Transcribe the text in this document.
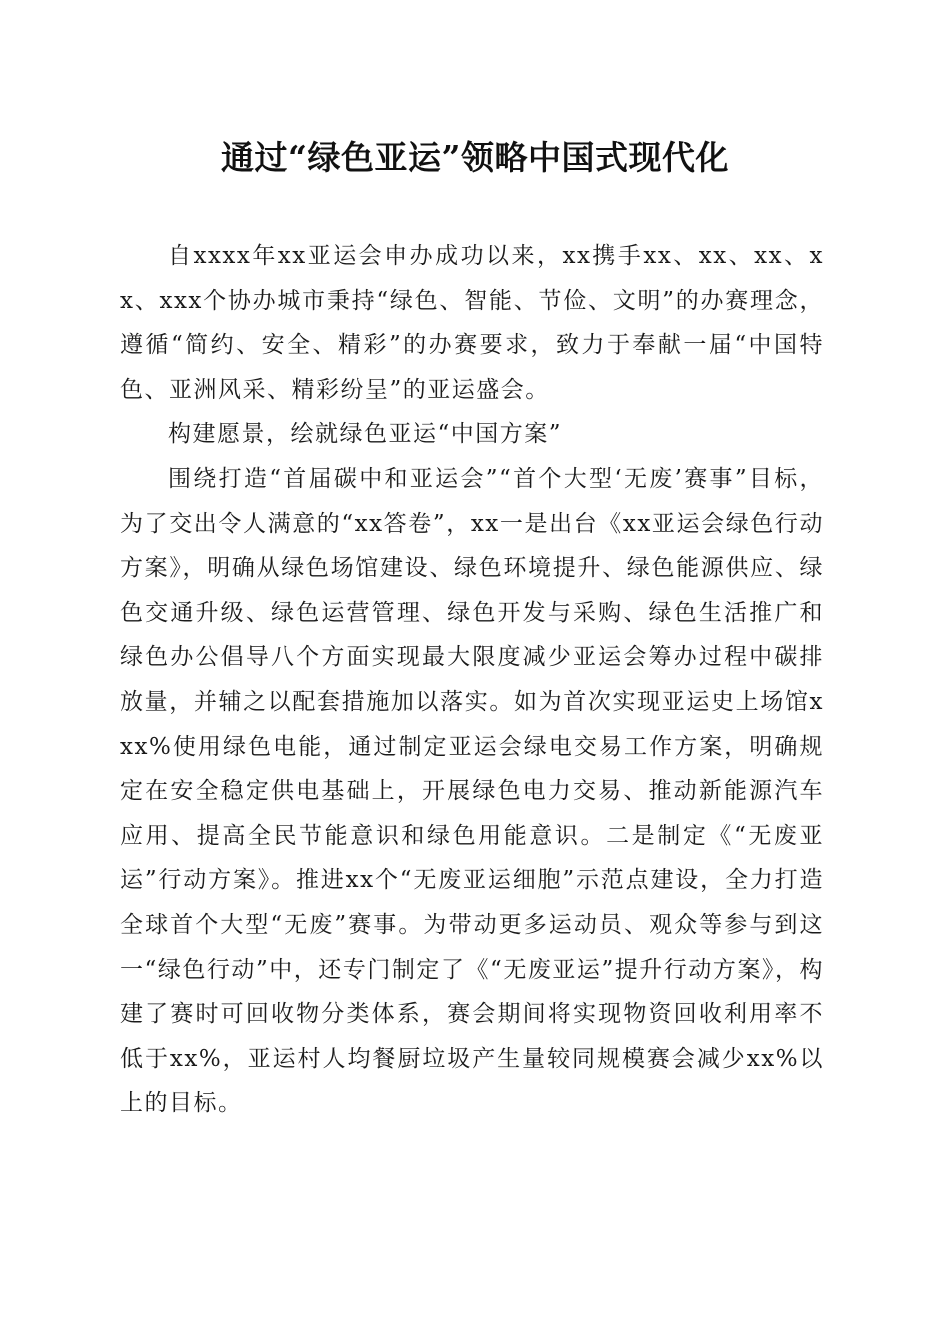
通过“绿色亚运”领略中国式现代化

自xxxx年xx亚运会申办成功以来，xx携手xx、xx、xx、xx、xxx个协办城市秉持“绿色、智能、节俭、文明”的办赛理念，遵循“简约、安全、精彩”的办赛要求，致力于奉献一届“中国特色、亚洲风采、精彩纷呈”的亚运盛会。

构建愿景，绘就绿色亚运“中国方案”

围绕打造“首届碳中和亚运会”“首个大型‘无废’赛事”目标，为了交出令人满意的“xx答卷”，xx一是出台《xx亚运会绿色行动方案》，明确从绿色场馆建设、绿色环境提升、绿色能源供应、绿色交通升级、绿色运营管理、绿色开发与采购、绿色生活推广和绿色办公倡导八个方面实现最大限度减少亚运会筹办过程中碳排放量，并辅之以配套措施加以落实。如为首次实现亚运史上场馆xxx%使用绿色电能，通过制定亚运会绿电交易工作方案，明确规定在安全稳定供电基础上，开展绿色电力交易、推动新能源汽车应用、提高全民节能意识和绿色用能意识。二是制定《“无废亚运”行动方案》。推进xx个“无废亚运细胞”示范点建设，全力打造全球首个大型“无废”赛事。为带动更多运动员、观众等参与到这一“绿色行动”中，还专门制定了《“无废亚运”提升行动方案》，构建了赛时可回收物分类体系，赛会期间将实现物资回收利用率不低于xx%，亚运村人均餐厨垃圾产生量较同规模赛会减少xx%以上的目标。
